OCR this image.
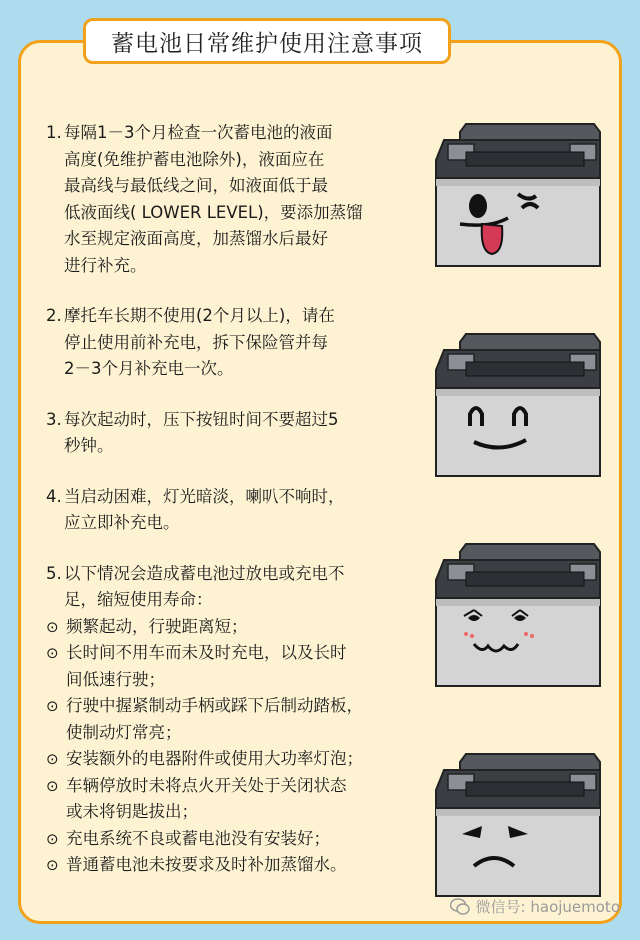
蓄电池日常维护使用注意事项
1. 每隔1－3个月检查一次蓄电池的液面
高度(免维护蓄电池除外)，液面应在
最高线与最低线之间，如液面低于最
低液面线( LOWER LEVEL)，要添加蒸馏
水至规定液面高度，加蒸馏水后最好
进行补充。
2. 摩托车长期不使用(2个月以上)，请在
停止使用前补充电，拆下保险管并每
2－3个月补充电一次。
3. 每次起动时，压下按钮时间不要超过5
秒钟。
4. 当启动困难，灯光暗淡，喇叭不响时，
应立即补充电。
5. 以下情况会造成蓄电池过放电或充电不
足，缩短使用寿命：
⊙ 频繁起动，行驶距离短；
⊙ 长时间不用车而未及时充电，以及长时
间低速行驶；
⊙ 行驶中握紧制动手柄或踩下后制动踏板，
使制动灯常亮；
⊙ 安装额外的电器附件或使用大功率灯泡；
⊙ 车辆停放时未将点火开关处于关闭状态
或未将钥匙拔出；
⊙ 充电系统不良或蓄电池没有安装好；
⊙ 普通蓄电池未按要求及时补加蒸馏水。
微信号: haojuemoto
